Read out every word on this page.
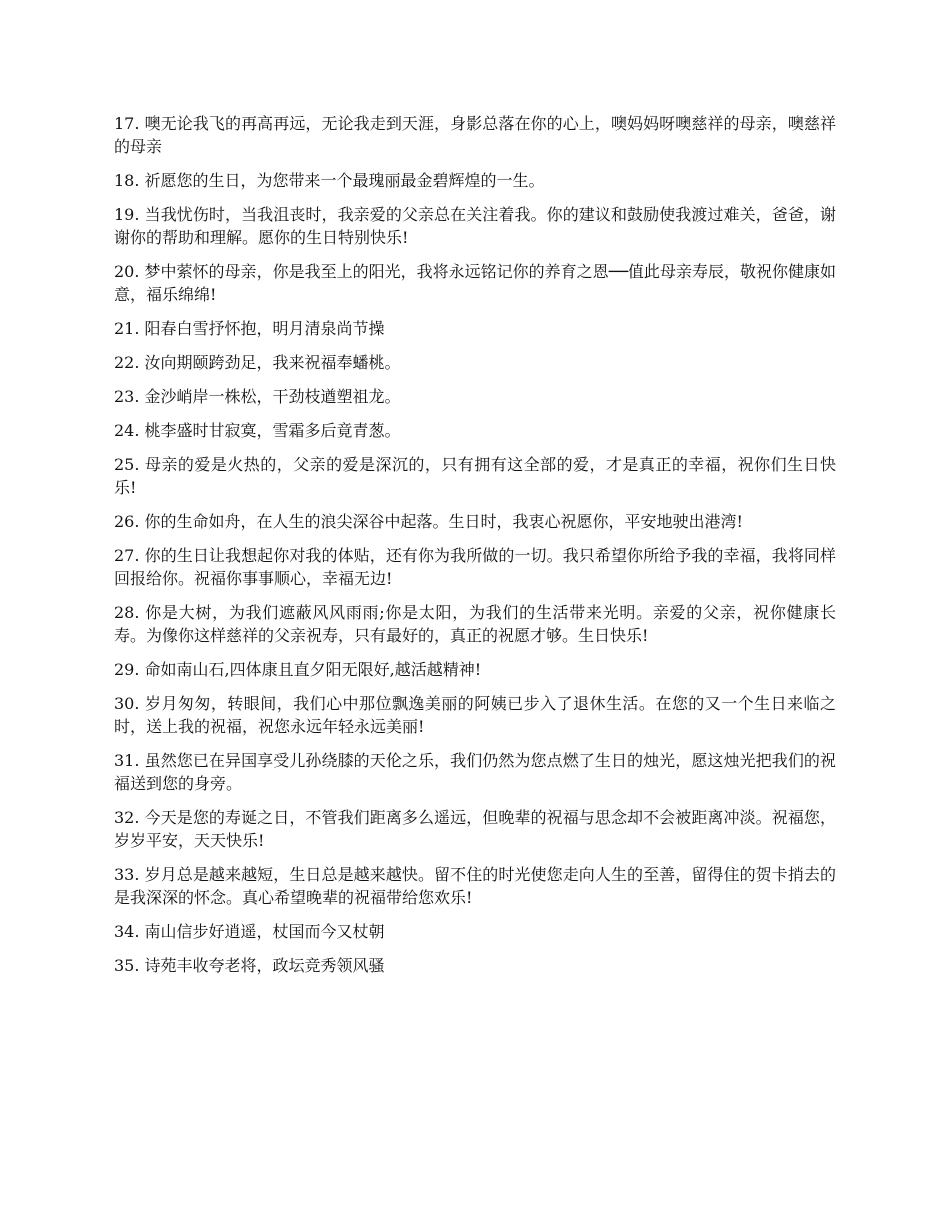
17. 噢无论我飞的再高再远，无论我走到天涯，身影总落在你的心上，噢妈妈呀噢慈祥的母亲，噢慈祥的母亲

18. 祈愿您的生日，为您带来一个最瑰丽最金碧辉煌的一生。

19. 当我忧伤时，当我沮丧时，我亲爱的父亲总在关注着我。你的建议和鼓励使我渡过难关，爸爸，谢谢你的帮助和理解。愿你的生日特别快乐!

20. 梦中萦怀的母亲，你是我至上的阳光，我将永远铭记你的养育之恩──值此母亲寿辰，敬祝你健康如意，福乐绵绵!

21. 阳春白雪抒怀抱，明月清泉尚节操

22. 汝向期颐跨劲足，我来祝福奉蟠桃。

23. 金沙峭岸一株松，干劲枝遒塑祖龙。

24. 桃李盛时甘寂寞，雪霜多后竟青葱。

25. 母亲的爱是火热的，父亲的爱是深沉的，只有拥有这全部的爱，才是真正的幸福，祝你们生日快乐!

26. 你的生命如舟，在人生的浪尖深谷中起落。生日时，我衷心祝愿你，平安地驶出港湾!

27. 你的生日让我想起你对我的体贴，还有你为我所做的一切。我只希望你所给予我的幸福，我将同样回报给你。祝福你事事顺心，幸福无边!

28. 你是大树，为我们遮蔽风风雨雨;你是太阳，为我们的生活带来光明。亲爱的父亲，祝你健康长寿。为像你这样慈祥的父亲祝寿，只有最好的，真正的祝愿才够。生日快乐!

29. 命如南山石,四体康且直夕阳无限好,越活越精神!

30. 岁月匆匆，转眼间，我们心中那位飘逸美丽的阿姨已步入了退休生活。在您的又一个生日来临之时，送上我的祝福，祝您永远年轻永远美丽!

31. 虽然您已在异国享受儿孙绕膝的天伦之乐，我们仍然为您点燃了生日的烛光，愿这烛光把我们的祝福送到您的身旁。

32. 今天是您的寿诞之日，不管我们距离多么遥远，但晚辈的祝福与思念却不会被距离冲淡。祝福您，岁岁平安，天天快乐!

33. 岁月总是越来越短，生日总是越来越快。留不住的时光使您走向人生的至善，留得住的贺卡捎去的是我深深的怀念。真心希望晚辈的祝福带给您欢乐!

34. 南山信步好逍遥，杖国而今又杖朝

35. 诗苑丰收夸老将，政坛竞秀领风骚
